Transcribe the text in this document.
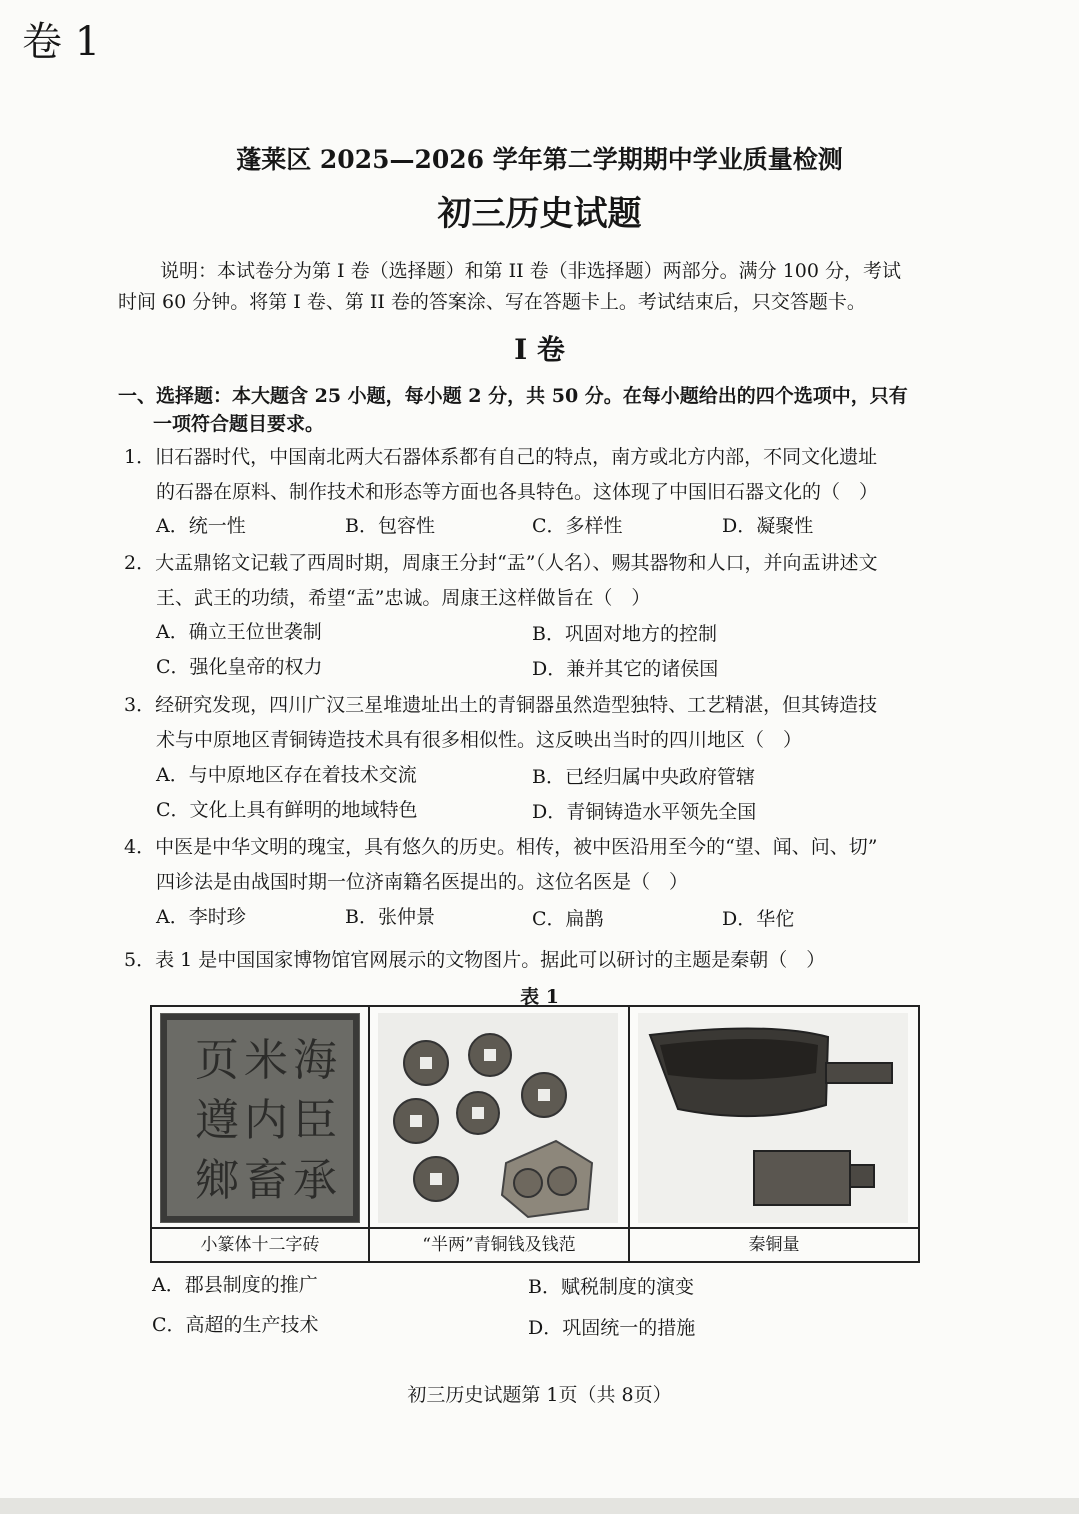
卷 1
蓬莱区 2025—2026 学年第二学期期中学业质量检测
初三历史试题
说明：本试卷分为第 I 卷（选择题）和第 II 卷（非选择题）两部分。满分 100 分，考试
时间 60 分钟。将第 I 卷、第 II 卷的答案涂、写在答题卡上。考试结束后，只交答题卡。
I 卷
一、选择题：本大题含 25 小题，每小题 2 分，共 50 分。在每小题给出的四个选项中，只有
一项符合题目要求。
1．旧石器时代，中国南北两大石器体系都有自己的特点，南方或北方内部，不同文化遗址
的石器在原料、制作技术和形态等方面也各具特色。这体现了中国旧石器文化的（　）
A．统一性	B．包容性	C．多样性	D．凝聚性
2．大盂鼎铭文记载了西周时期，周康王分封“盂”（人名）、赐其器物和人口，并向盂讲述文
王、武王的功绩，希望“盂”忠诚。周康王这样做旨在（　）
A．确立王位世袭制	B．巩固对地方的控制
C．强化皇帝的权力	D．兼并其它的诸侯国
3．经研究发现，四川广汉三星堆遗址出土的青铜器虽然造型独特、工艺精湛，但其铸造技
术与中原地区青铜铸造技术具有很多相似性。这反映出当时的四川地区（　）
A．与中原地区存在着技术交流	B．已经归属中央政府管辖
C．文化上具有鲜明的地域特色	D．青铜铸造水平领先全国
4．中医是中华文明的瑰宝，具有悠久的历史。相传，被中医沿用至今的“望、闻、问、切”
四诊法是由战国时期一位济南籍名医提出的。这位名医是（　）
A．李时珍	B．张仲景	C．扁鹊	D．华佗
5．表 1 是中国国家博物馆官网展示的文物图片。据此可以研讨的主题是秦朝（　）
表 1
海
臣
承
米
内
畜
页
遵
鄉
小篆体十二字砖	“半两”青铜钱及钱范	秦铜量
A．郡县制度的推广	B．赋税制度的演变
C．高超的生产技术	D．巩固统一的措施
初三历史试题第 1页（共 8页）
